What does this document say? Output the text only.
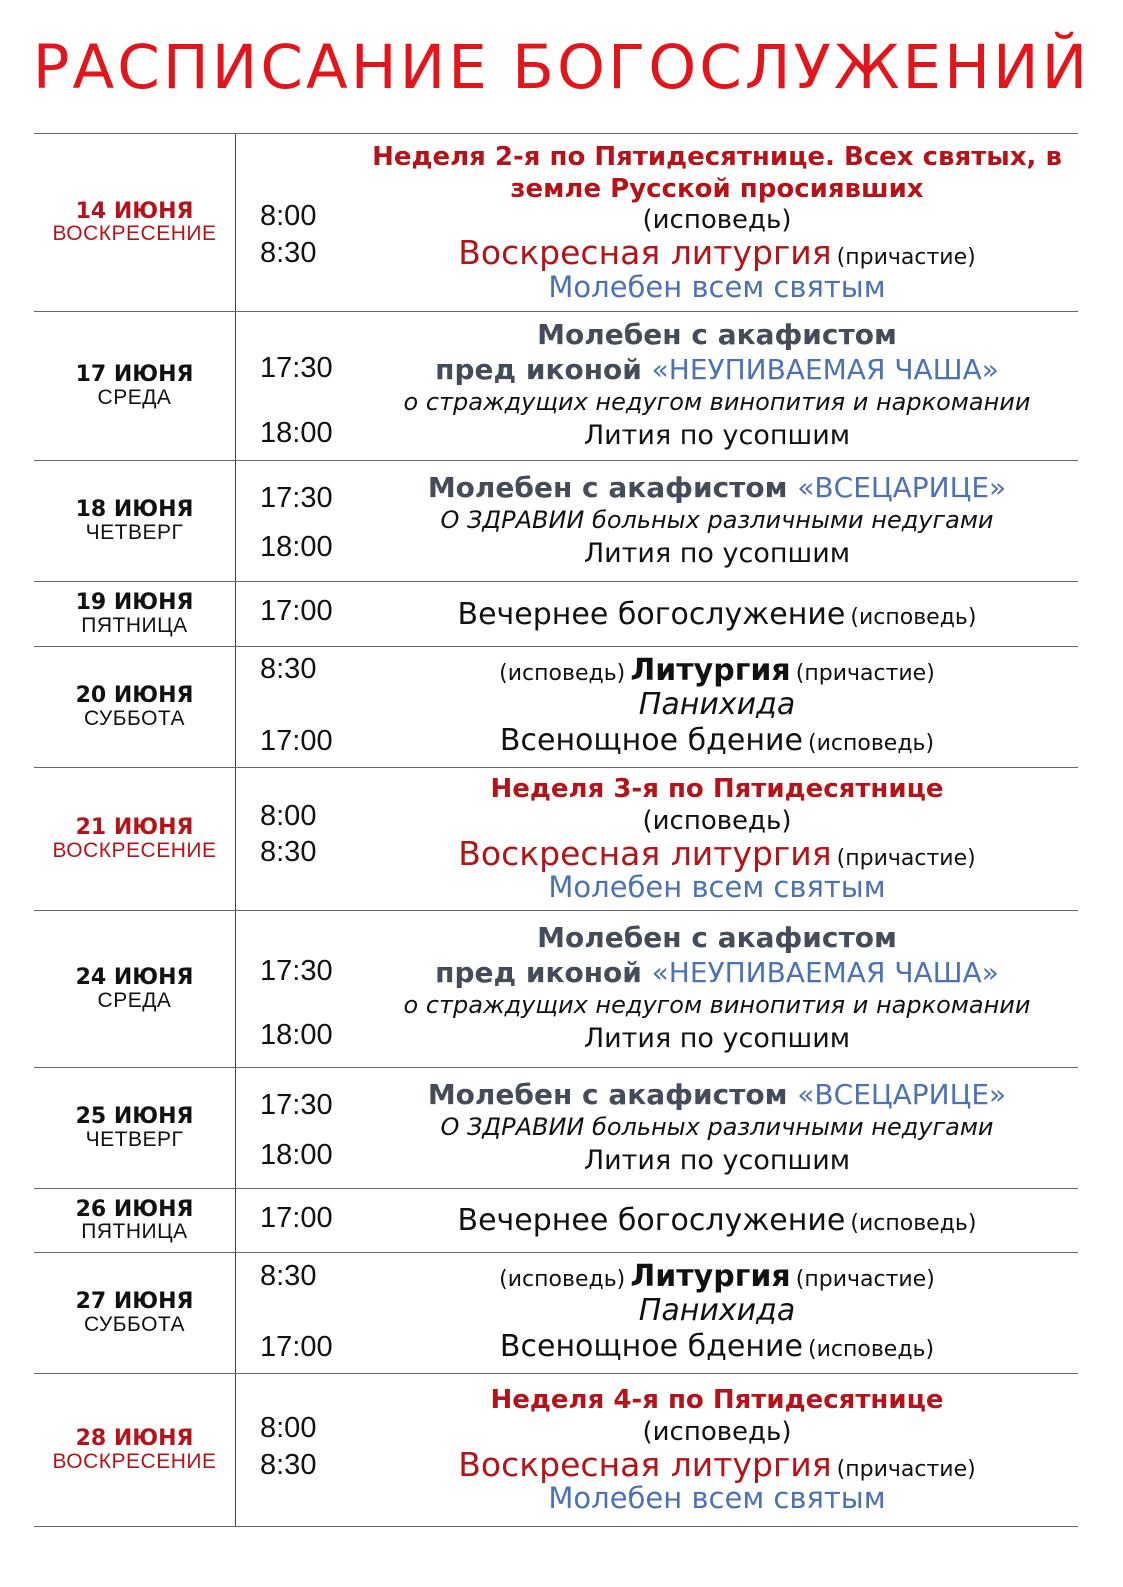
РАСПИСАНИЕ БОГОСЛУЖЕНИЙ
14 ИЮНЯ
ВОСКРЕСЕНИЕ
8:00
8:30
Неделя 2-я по Пятидесятнице. Всех святых, в земле Русской просиявших
(исповедь)
Воскресная литургия (причастие)
Молебен всем святым
17 ИЮНЯ
СРЕДА
17:30
18:00
Молебен с акафистом
пред иконой «НЕУПИВАЕМАЯ ЧАША»
о страждущих недугом винопития и наркомании
Лития по усопшим
18 ИЮНЯ
ЧЕТВЕРГ
17:30
18:00
Молебен с акафистом «ВСЕЦАРИЦЕ»
О ЗДРАВИИ больных различными недугами
Лития по усопшим
19 ИЮНЯ
ПЯТНИЦА 17:00	Вечернее богослужение (исповедь)
20 ИЮНЯ
СУББОТА
8:30
17:00
(исповедь) Литургия (причастие)
Панихида
Всенощное бдение (исповедь)
21 ИЮНЯ
ВОСКРЕСЕНИЕ
8:00
8:30
Неделя 3-я по Пятидесятнице
(исповедь)
Воскресная литургия (причастие)
Молебен всем святым
24 ИЮНЯ
СРЕДА
17:30
18:00
Молебен с акафистом
пред иконой «НЕУПИВАЕМАЯ ЧАША»
о страждущих недугом винопития и наркомании
Лития по усопшим
25 ИЮНЯ
ЧЕТВЕРГ
17:30
18:00
Молебен с акафистом «ВСЕЦАРИЦЕ»
О ЗДРАВИИ больных различными недугами
Лития по усопшим
26 ИЮНЯ
ПЯТНИЦА 17:00	Вечернее богослужение (исповедь)
27 ИЮНЯ
СУББОТА
8:30
17:00
(исповедь) Литургия (причастие)
Панихида
Всенощное бдение (исповедь)
28 ИЮНЯ
ВОСКРЕСЕНИЕ
8:00
8:30
Неделя 4-я по Пятидесятнице
(исповедь)
Воскресная литургия (причастие)
Молебен всем святым
